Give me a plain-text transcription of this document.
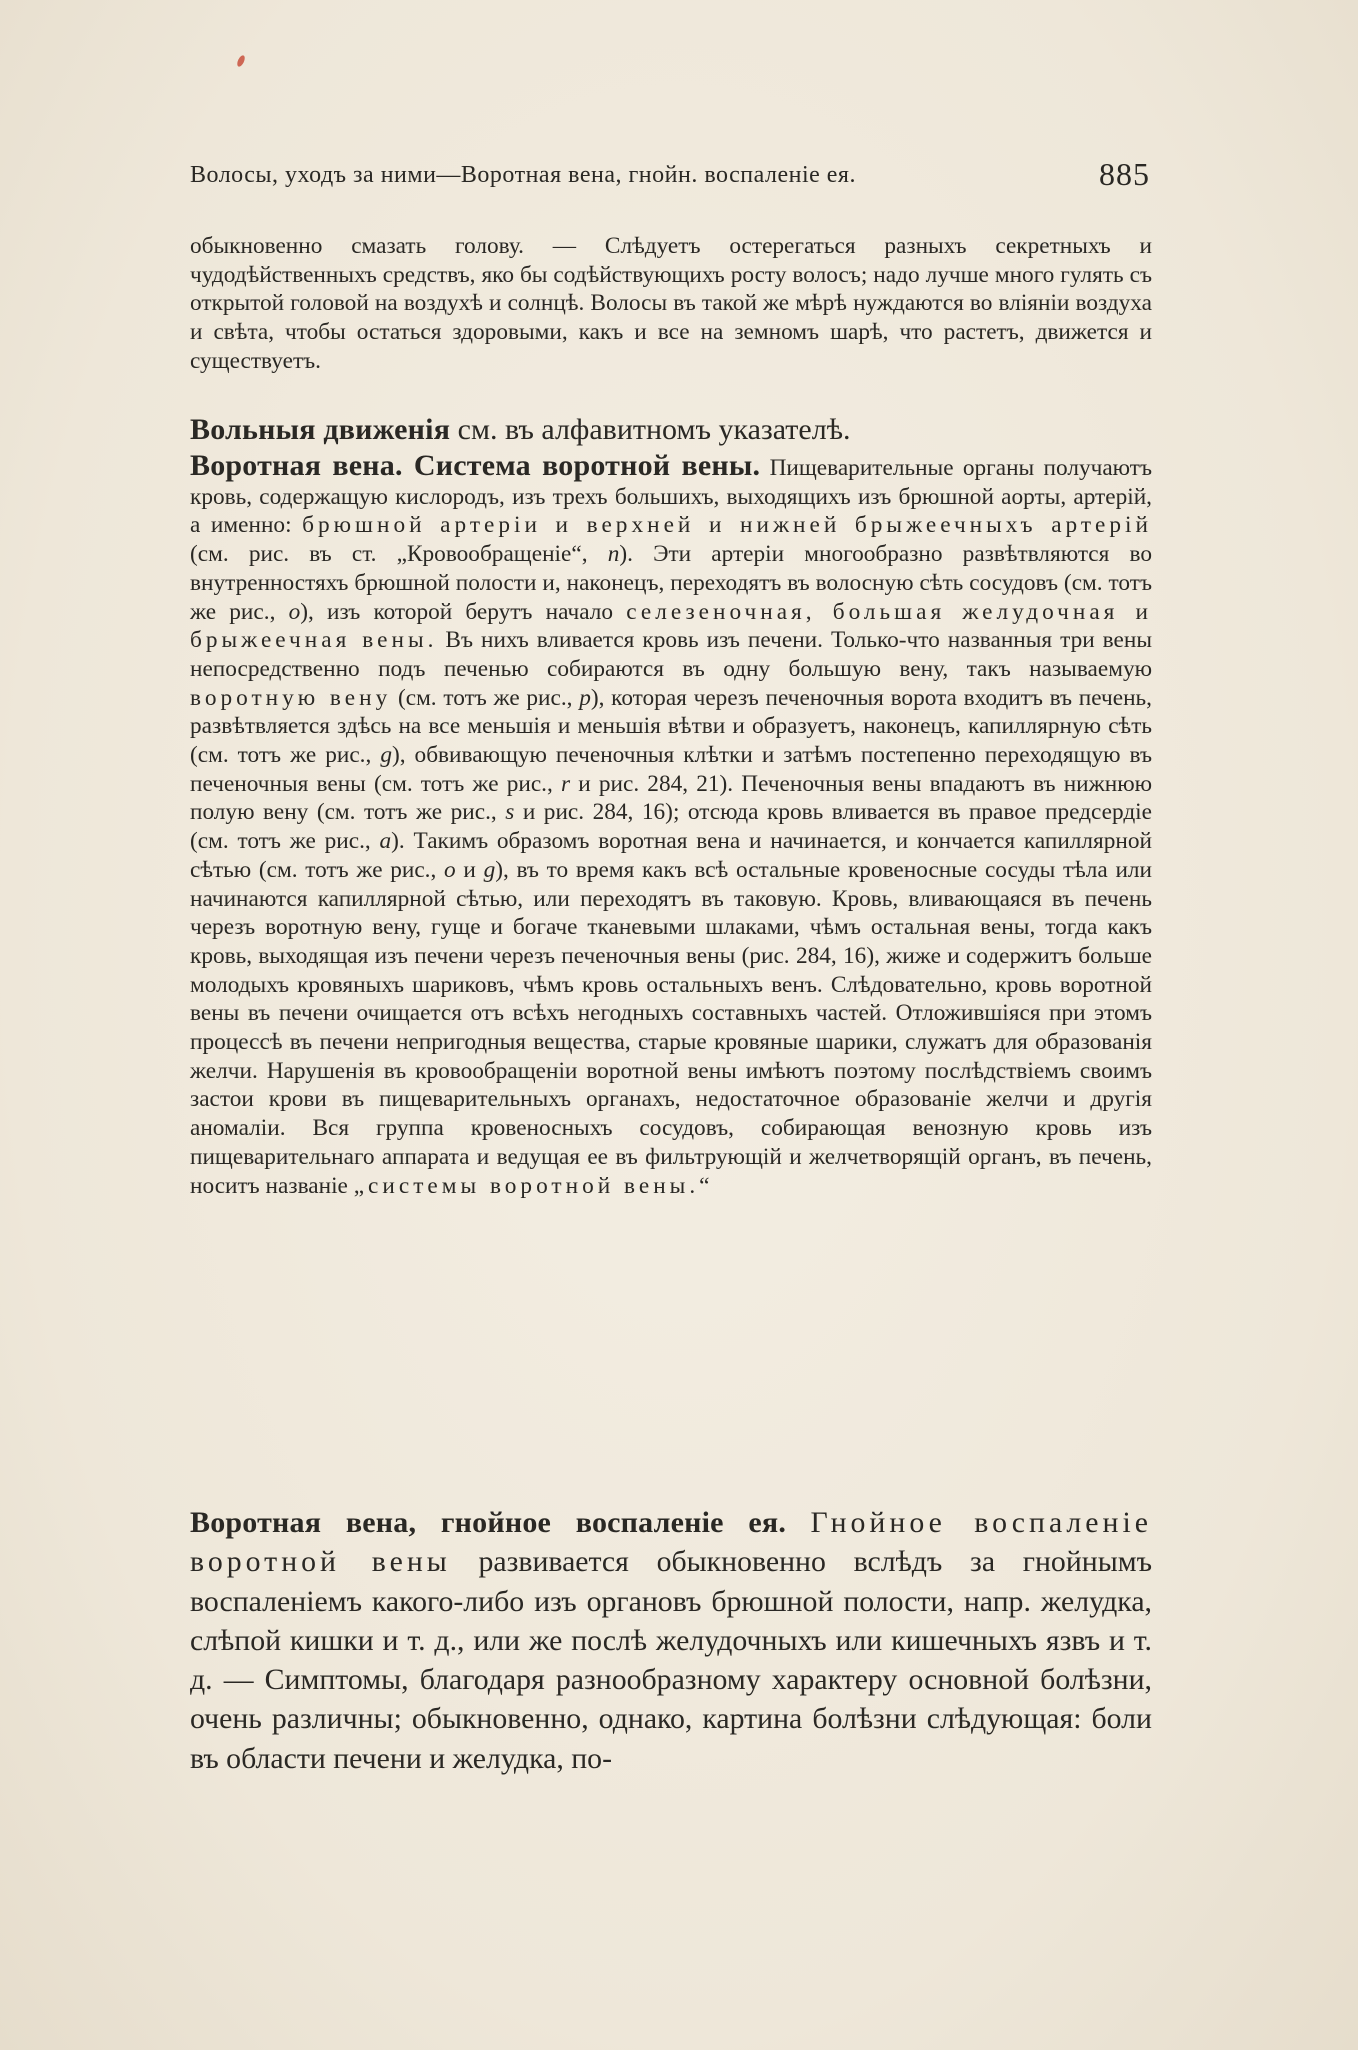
Волосы, уходъ за ними—Воротная вена, гнойн. воспаленiе ея.	885

обыкновенно смазать голову. — Слѣдуетъ остерегаться разныхъ секретныхъ и чудодѣйственныхъ средствъ, яко бы содѣйствующихъ росту волосъ; надо лучше много гулять съ открытой головой на воздухѣ и солнцѣ. Волосы въ такой же мѣрѣ нуждаются во влiянiи воздуха и свѣта, чтобы остаться здоровыми, какъ и все на земномъ шарѣ, что растетъ, движется и существуетъ.

Вольныя движенiя см. въ алфавитномъ указателѣ.

Воротная вена. Система воротной вены. Пищеварительные органы получаютъ кровь, содержащую кислородъ, изъ трехъ большихъ, выходящихъ изъ брюшной аорты, артерiй, а именно: брюшной артерiи и верхней и нижней брыжеечныхъ артерiй (см. рис. въ ст. „Кровообращенiе“, n). Эти артерiи многообразно развѣтвляются во внутренностяхъ брюшной полости и, наконецъ, переходятъ въ волосную сѣть сосудовъ (см. тотъ же рис., o), изъ которой берутъ начало селезеночная, большая желудочная и брыжеечная вены. Въ нихъ вливается кровь изъ печени. Только-что названныя три вены непосредственно подъ печенью собираются въ одну большую вену, такъ называемую воротную вену (см. тотъ же рис., p), которая черезъ печеночныя ворота входитъ въ печень, развѣтвляется здѣсь на все меньшiя и меньшiя вѣтви и образуетъ, наконецъ, капиллярную сѣть (см. тотъ же рис., g), обвивающую печеночныя клѣтки и затѣмъ постепенно переходящую въ печеночныя вены (см. тотъ же рис., r и рис. 284, 21). Печеночныя вены впадаютъ въ нижнюю полую вену (см. тотъ же рис., s и рис. 284, 16); отсюда кровь вливается въ правое предсердiе (см. тотъ же рис., a). Такимъ образомъ воротная вена и начинается, и кончается капиллярной сѣтью (см. тотъ же рис., o и g), въ то время какъ всѣ остальные кровеносные сосуды тѣла или начинаются капиллярной сѣтью, или переходятъ въ таковую. Кровь, вливающаяся въ печень черезъ воротную вену, гуще и богаче тканевыми шлаками, чѣмъ остальная вены, тогда какъ кровь, выходящая изъ печени черезъ печеночныя вены (рис. 284, 16), жиже и содержитъ больше молодыхъ кровяныхъ шариковъ, чѣмъ кровь остальныхъ венъ. Слѣдовательно, кровь воротной вены въ печени очищается отъ всѣхъ негодныхъ составныхъ частей. Отложившiяся при этомъ процессѣ въ печени непригодныя вещества, старые кровяные шарики, служатъ для образованiя желчи. Нарушенiя въ кровообращенiи воротной вены имѣютъ поэтому послѣдствiемъ своимъ застои крови въ пищеварительныхъ органахъ, недостаточное образованiе желчи и другiя аномалiи. Вся группа кровеносныхъ сосудовъ, собирающая венозную кровь изъ пищеварительнаго аппарата и ведущая ее въ фильтрующiй и желчетворящiй органъ, въ печень, носитъ названiе „системы воротной вены.“

Воротная вена, гнойное воспаленiе ея. Гнойное воспаленiе воротной вены развивается обыкновенно вслѣдъ за гнойнымъ воспаленiемъ какого-либо изъ органовъ брюшной полости, напр. желудка, слѣпой кишки и т. д., или же послѣ желудочныхъ или кишечныхъ язвъ и т. д. — Симптомы, благодаря разнообразному характеру основной болѣзни, очень различны; обыкновенно, однако, картина болѣзни слѣдующая: боли въ области печени и желудка, по-
